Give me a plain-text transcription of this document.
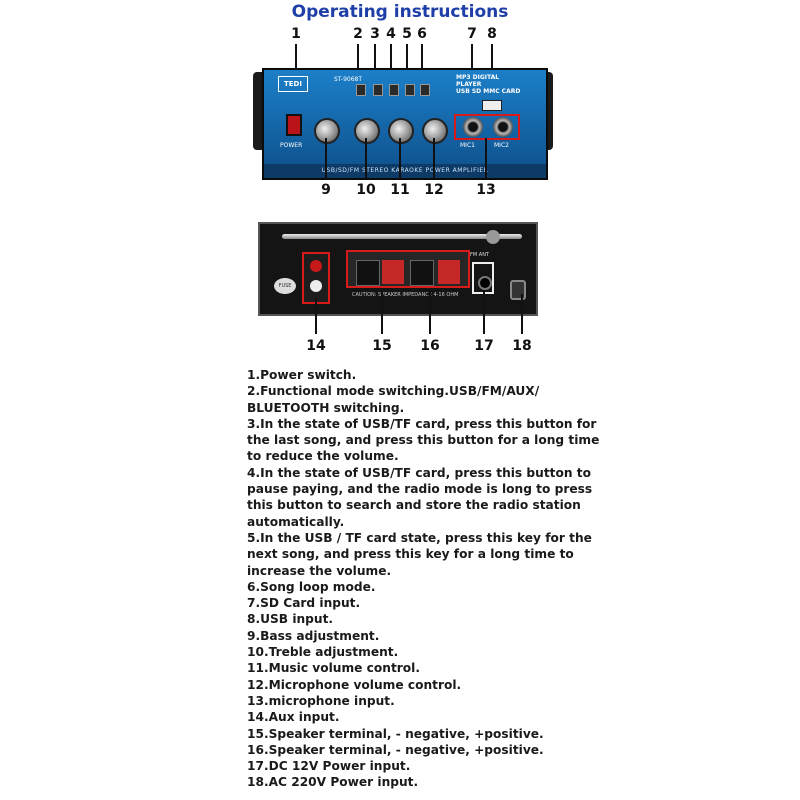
Operating instructions
1	2 3 4 5 6	7 8
TEDI
ST-9068T
POWER
MP3 DIGITAL PLAYER
USB SD MMC CARD
MIC1	MIC2
USB/SD/FM STEREO KARAOKE POWER AMPLIFIER
9	10 11 12 13
FUSE
CAUTION: SPEAKER IMPEDANCE 4-16 OHM
FM ANT
14	15 16 17 18
1.Power switch.
2.Functional mode switching.USB/FM/AUX/
BLUETOOTH switching.
3.In the state of USB/TF card, press this button for
the last song, and press this button for a long time
to reduce the volume.
4.In the state of USB/TF card, press this button to
pause paying, and the radio mode is long to press
this button to search and store the radio station
automatically.
5.In the USB / TF card state, press this key for the
next song, and press this key for a long time to
increase the volume.
6.Song loop mode.
7.SD Card input.
8.USB input.
9.Bass adjustment.
10.Treble adjustment.
11.Music volume control.
12.Microphone volume control.
13.microphone input.
14.Aux input.
15.Speaker terminal, - negative, +positive.
16.Speaker terminal, - negative, +positive.
17.DC 12V Power input.
18.AC 220V Power input.
